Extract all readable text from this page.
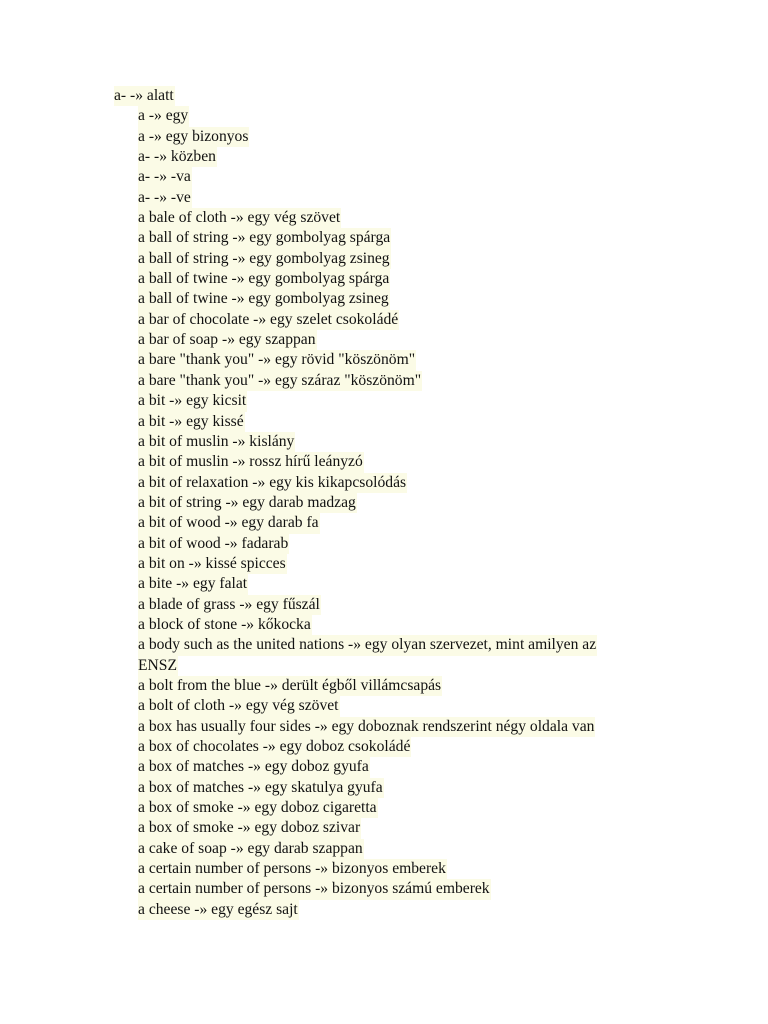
a- -» alatt
a -» egy
a -» egy bizonyos
a- -» közben
a- -» -va
a- -» -ve
a bale of cloth -» egy vég szövet
a ball of string -» egy gombolyag spárga
a ball of string -» egy gombolyag zsineg
a ball of twine -» egy gombolyag spárga
a ball of twine -» egy gombolyag zsineg
a bar of chocolate -» egy szelet csokoládé
a bar of soap -» egy szappan
a bare "thank you" -» egy rövid "köszönöm"
a bare "thank you" -» egy száraz "köszönöm"
a bit -» egy kicsit
a bit -» egy kissé
a bit of muslin -» kislány
a bit of muslin -» rossz hírű leányzó
a bit of relaxation -» egy kis kikapcsolódás
a bit of string -» egy darab madzag
a bit of wood -» egy darab fa
a bit of wood -» fadarab
a bit on -» kissé spicces
a bite -» egy falat
a blade of grass -» egy fűszál
a block of stone -» kőkocka
a body such as the united nations -» egy olyan szervezet, mint amilyen az
ENSZ
a bolt from the blue -» derült égből villámcsapás
a bolt of cloth -» egy vég szövet
a box has usually four sides -» egy doboznak rendszerint négy oldala van
a box of chocolates -» egy doboz csokoládé
a box of matches -» egy doboz gyufa
a box of matches -» egy skatulya gyufa
a box of smoke -» egy doboz cigaretta
a box of smoke -» egy doboz szivar
a cake of soap -» egy darab szappan
a certain number of persons -» bizonyos emberek
a certain number of persons -» bizonyos számú emberek
a cheese -» egy egész sajt
